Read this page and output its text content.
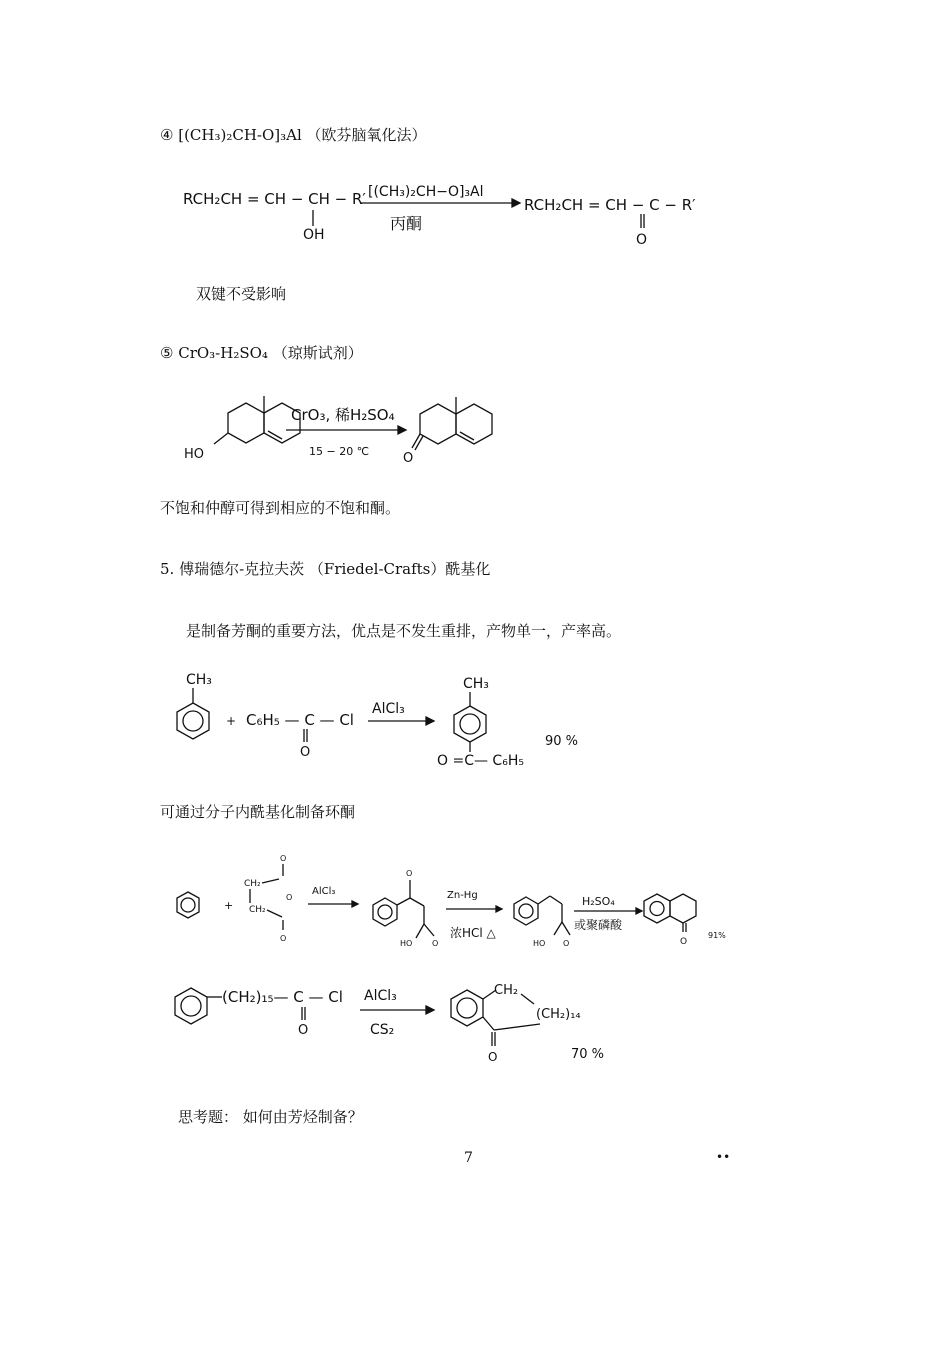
④ [(CH₃)₂CH-O]₃Al （欧芬脑氧化法）
RCH₂CH = CH − CH − R′
OH
[(CH₃)₂CH−O]₃Al
丙酮
RCH₂CH = CH − C − R′
O
双键不受影响
⑤ CrO₃-H₂SO₄ （琼斯试剂）
HO
CrO₃, 稀H₂SO₄
15 − 20 ℃	O
不饱和仲醇可得到相应的不饱和酮。
5. 傅瑞德尔-克拉夫茨 （Friedel-Crafts）酰基化
是制备芳酮的重要方法，优点是不发生重排，产物单一，产率高。
CH₃
+ C₆H₅ — C — Cl
O
AlCl₃
CH₃
O =C— C₆H₅
90 %
可通过分子内酰基化制备环酮
+
O
CH₂
O
CH₂
O
AlCl₃
O
HO O
Zn-Hg
浓HCl △
HO O
H₂SO₄
或聚磷酸
O
91%
(CH₂)₁₅— C — Cl
O
AlCl₃
CS₂
CH₂
(CH₂)₁₄
O	70 %
思考题： 如何由芳烃制备？
7	••
